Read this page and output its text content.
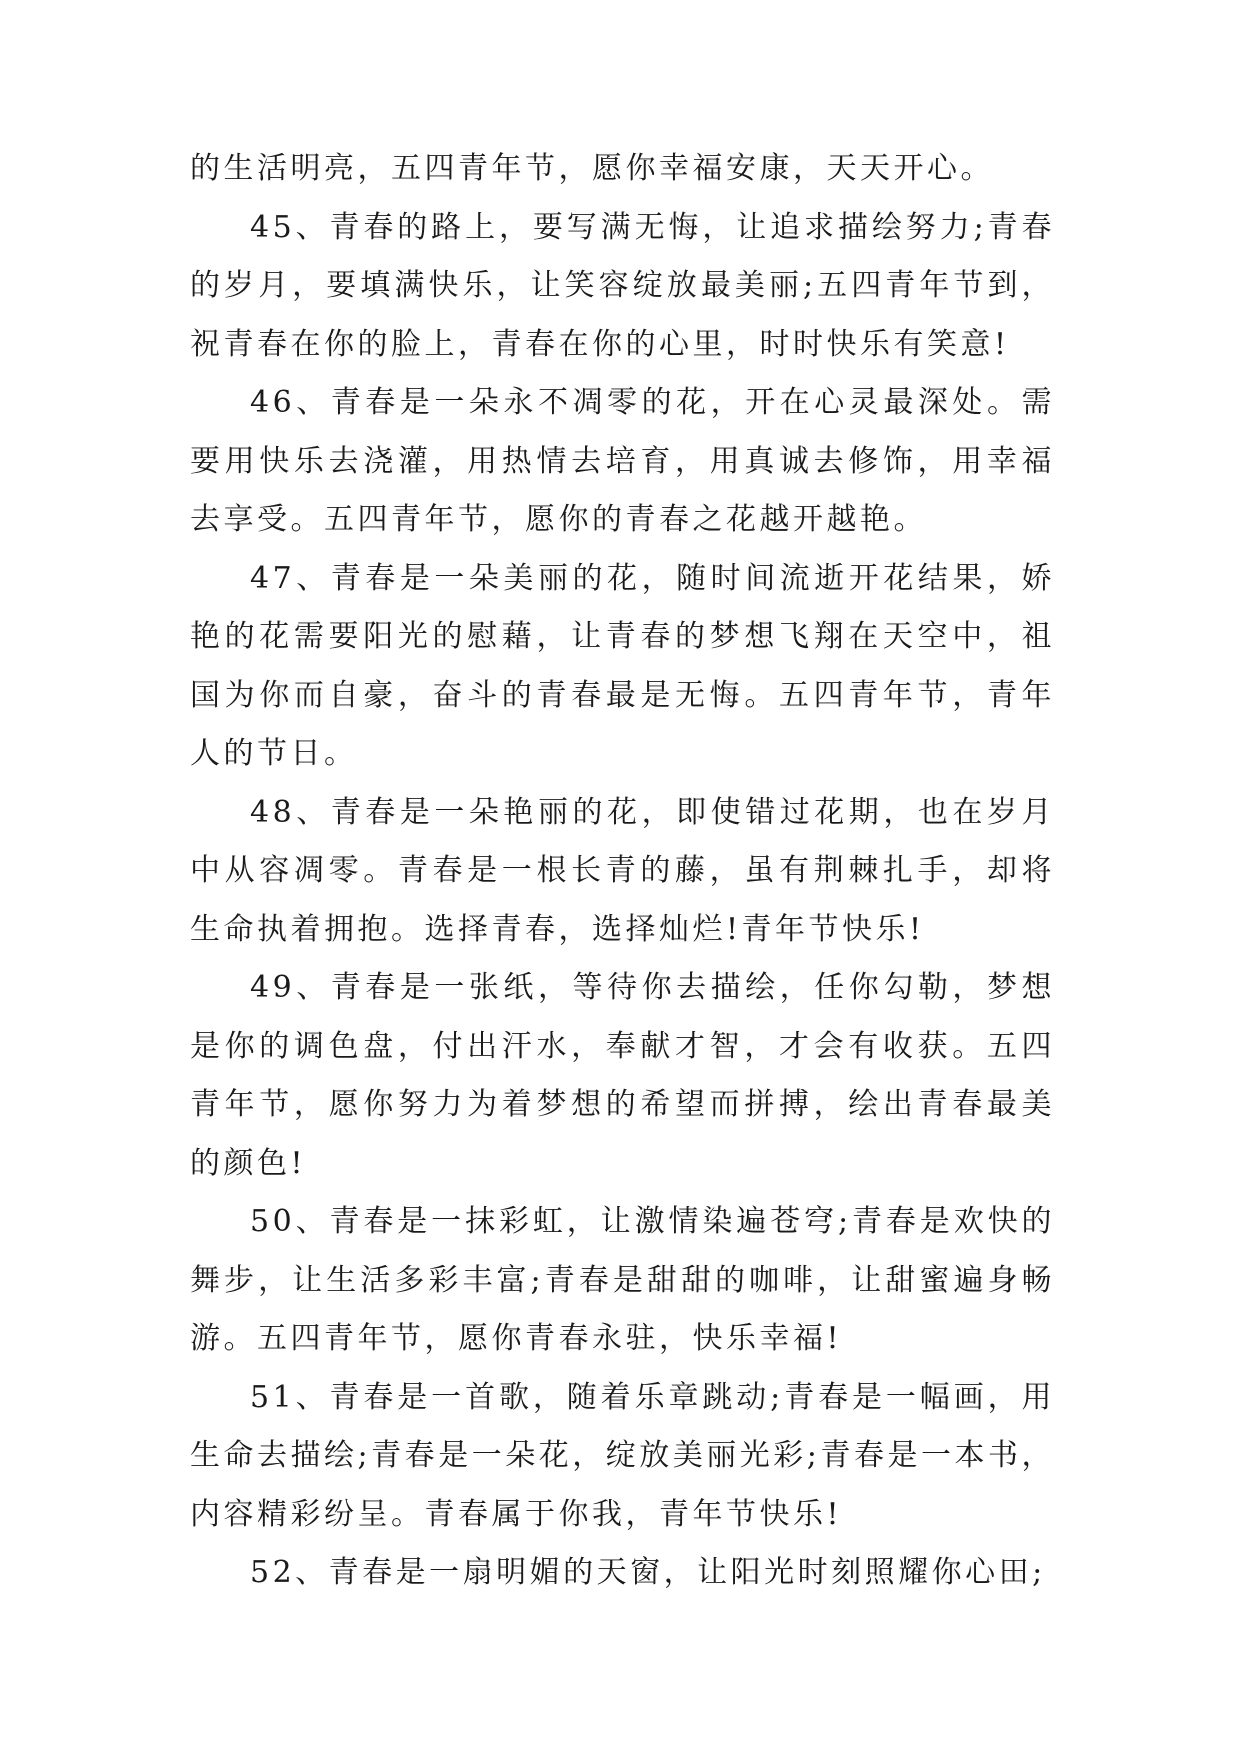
的生活明亮，五四青年节，愿你幸福安康，天天开心。

45、青春的路上，要写满无悔，让追求描绘努力;青春的岁月，要填满快乐，让笑容绽放最美丽;五四青年节到，祝青春在你的脸上，青春在你的心里，时时快乐有笑意!

46、青春是一朵永不凋零的花，开在心灵最深处。需要用快乐去浇灌，用热情去培育，用真诚去修饰，用幸福去享受。五四青年节，愿你的青春之花越开越艳。

47、青春是一朵美丽的花，随时间流逝开花结果，娇艳的花需要阳光的慰藉，让青春的梦想飞翔在天空中，祖国为你而自豪，奋斗的青春最是无悔。五四青年节，青年人的节日。

48、青春是一朵艳丽的花，即使错过花期，也在岁月中从容凋零。青春是一根长青的藤，虽有荆棘扎手，却将生命执着拥抱。选择青春，选择灿烂!青年节快乐!

49、青春是一张纸，等待你去描绘，任你勾勒，梦想是你的调色盘，付出汗水，奉献才智，才会有收获。五四青年节，愿你努力为着梦想的希望而拼搏，绘出青春最美的颜色!

50、青春是一抹彩虹，让激情染遍苍穹;青春是欢快的舞步，让生活多彩丰富;青春是甜甜的咖啡，让甜蜜遍身畅游。五四青年节，愿你青春永驻，快乐幸福!

51、青春是一首歌，随着乐章跳动;青春是一幅画，用生命去描绘;青春是一朵花，绽放美丽光彩;青春是一本书，内容精彩纷呈。青春属于你我，青年节快乐!

52、青春是一扇明媚的天窗，让阳光时刻照耀你心田;
